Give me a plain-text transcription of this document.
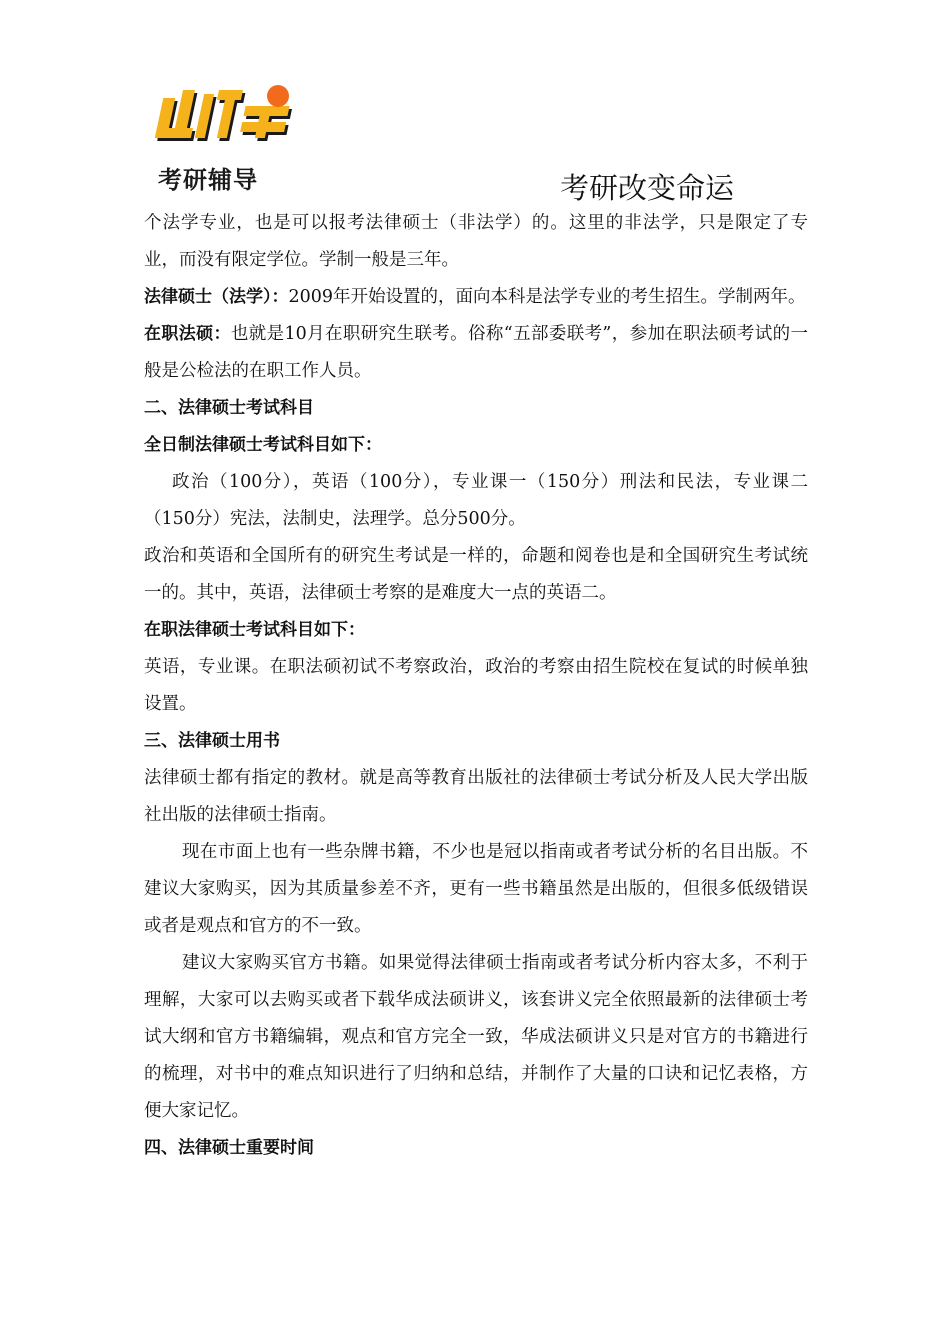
考研辅导	考研改变命运

个法学专业，也是可以报考法律硕士（非法学）的。这里的非法学，只是限定了专业，而没有限定学位。学制一般是三年。

法律硕士（法学）：2009年开始设置的，面向本科是法学专业的考生招生。学制两年。

在职法硕：也就是10月在职研究生联考。俗称“五部委联考”，参加在职法硕考试的一般是公检法的在职工作人员。

二、法律硕士考试科目

全日制法律硕士考试科目如下：

政治（100分），英语（100分），专业课一（150分）刑法和民法，专业课二（150分）宪法，法制史，法理学。总分500分。

政治和英语和全国所有的研究生考试是一样的，命题和阅卷也是和全国研究生考试统一的。其中，英语，法律硕士考察的是难度大一点的英语二。

在职法律硕士考试科目如下：

英语，专业课。在职法硕初试不考察政治，政治的考察由招生院校在复试的时候单独设置。

三、法律硕士用书

法律硕士都有指定的教材。就是高等教育出版社的法律硕士考试分析及人民大学出版社出版的法律硕士指南。

现在市面上也有一些杂牌书籍，不少也是冠以指南或者考试分析的名目出版。不建议大家购买，因为其质量参差不齐，更有一些书籍虽然是出版的，但很多低级错误或者是观点和官方的不一致。

建议大家购买官方书籍。如果觉得法律硕士指南或者考试分析内容太多，不利于理解，大家可以去购买或者下载华成法硕讲义，该套讲义完全依照最新的法律硕士考试大纲和官方书籍编辑，观点和官方完全一致，华成法硕讲义只是对官方的书籍进行的梳理，对书中的难点知识进行了归纳和总结，并制作了大量的口诀和记忆表格，方便大家记忆。

四、法律硕士重要时间
